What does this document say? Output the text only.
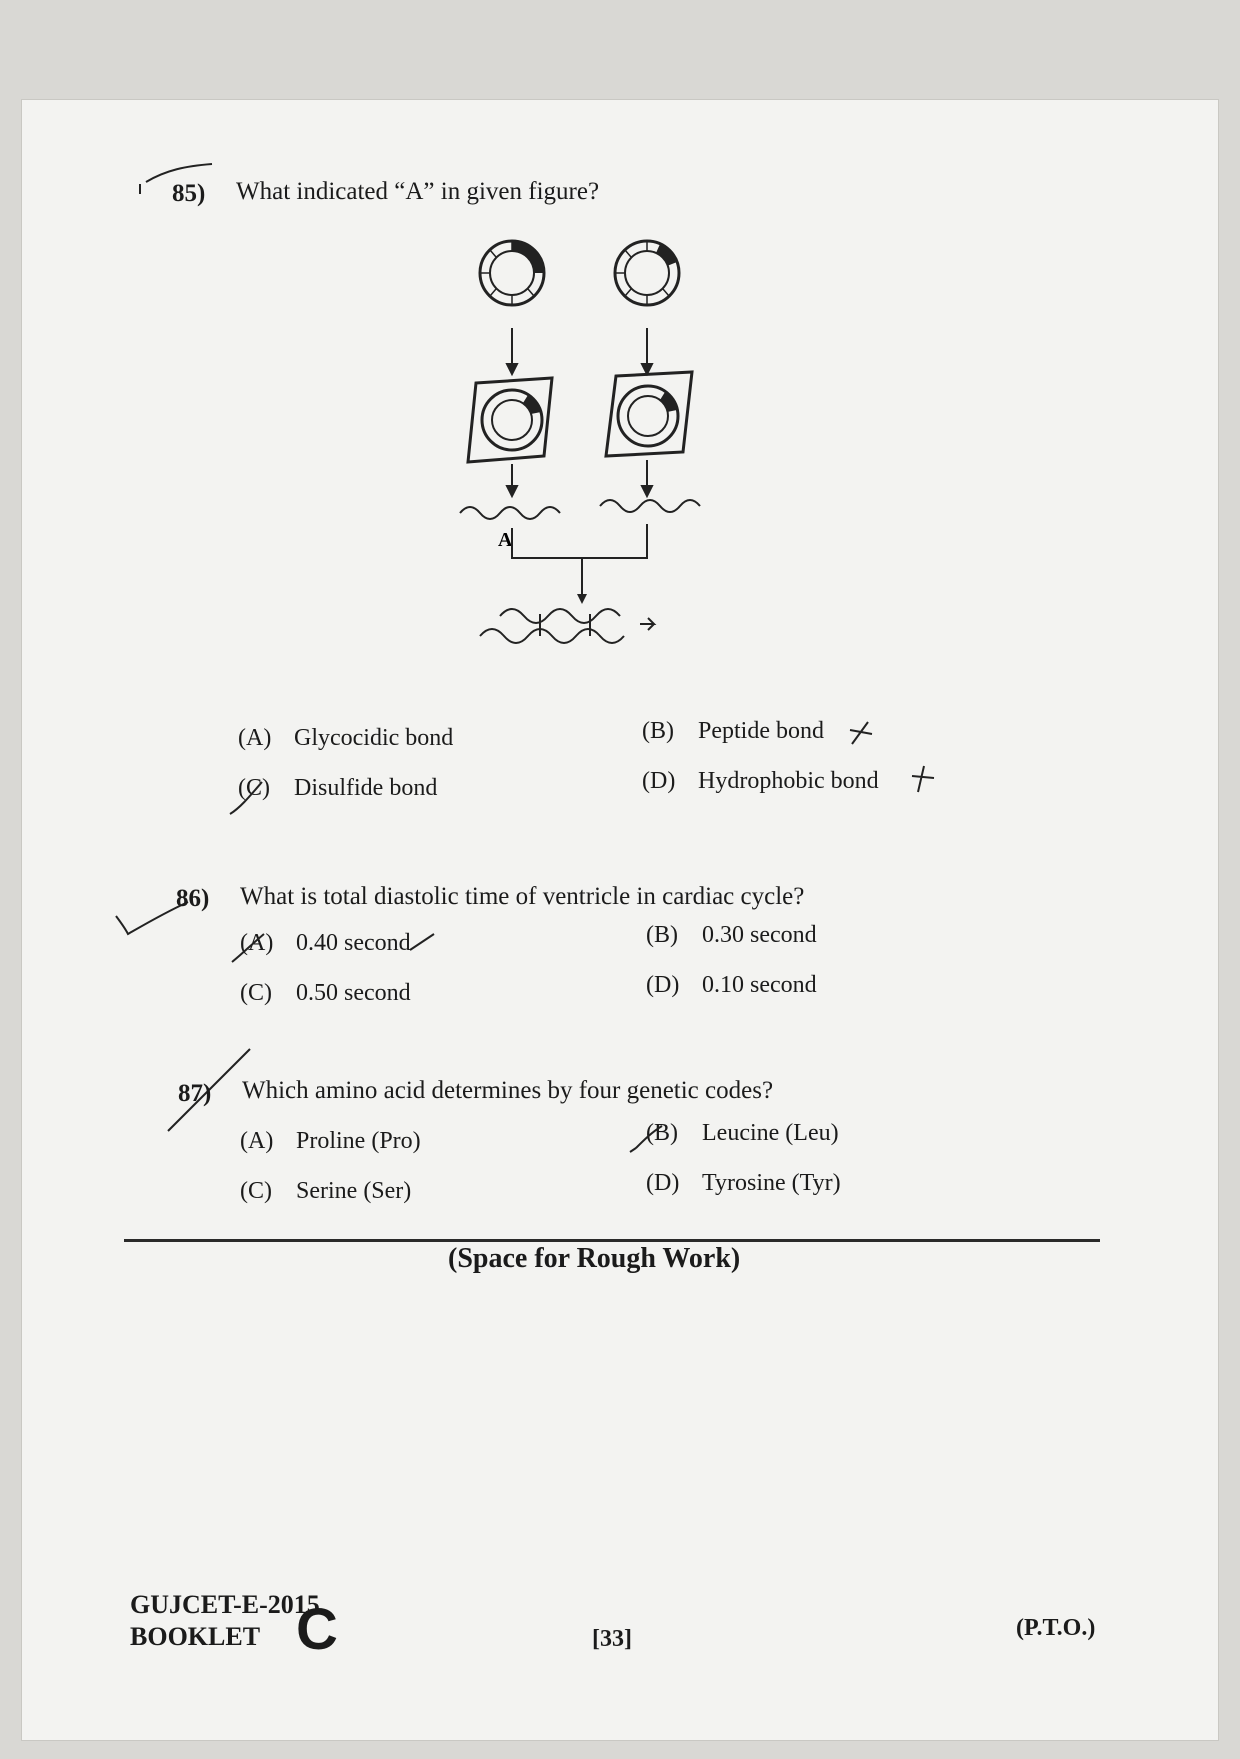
85) What indicated “A” in given figure?
A
(A) Glycocidic bond	(B) Peptide bond
(C) Disulfide bond	(D) Hydrophobic bond
86) What is total diastolic time of ventricle in cardiac cycle?
(A) 0.40 second	(B) 0.30 second
(C) 0.50 second	(D) 0.10 second
87) Which amino acid determines by four genetic codes?
(A) Proline (Pro)	(B) Leucine (Leu)
(C) Serine (Ser)	(D) Tyrosine (Tyr)
(Space for Rough Work)
GUJCET-E-2015
BOOKLET C	[33]	(P.T.O.)
